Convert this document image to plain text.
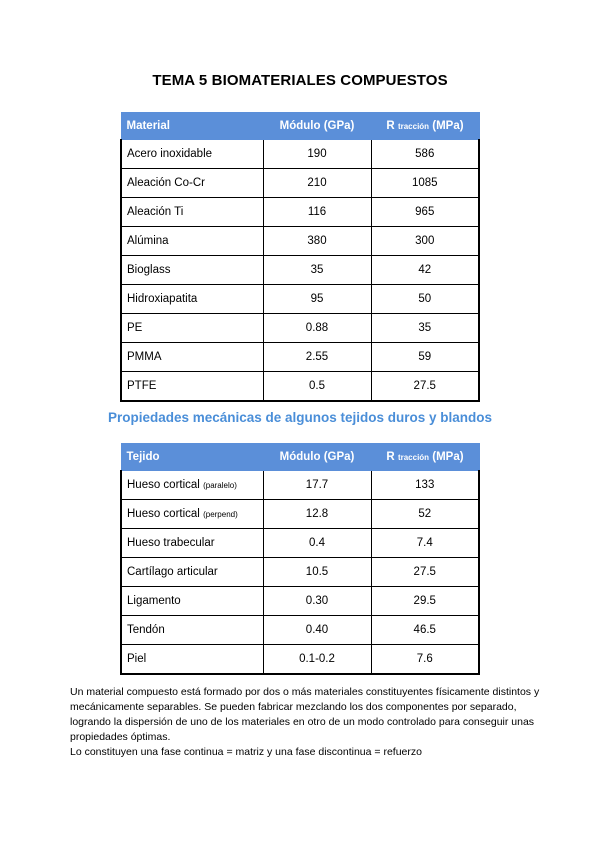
TEMA 5 BIOMATERIALES COMPUESTOS
Material	Módulo (GPa)	R tracción (MPa)
Acero inoxidable	190	586
Aleación Co-Cr	210	1085
Aleación Ti	116	965
Alúmina	380	300
Bioglass	35	42
Hidroxiapatita	95	50
PE	0.88	35
PMMA	2.55	59
PTFE	0.5	27.5
Propiedades mecánicas de algunos tejidos duros y blandos
Tejido	Módulo (GPa)	R tracción (MPa)
Hueso cortical (paralelo)	17.7	133
Hueso cortical (perpend)	12.8	52
Hueso trabecular	0.4	7.4
Cartílago articular	10.5	27.5
Ligamento	0.30	29.5
Tendón	0.40	46.5
Piel	0.1-0.2	7.6

Un material compuesto está formado por dos o más materiales constituyentes físicamente distintos y mecánicamente separables. Se pueden fabricar mezclando los dos componentes por separado, logrando la dispersión de uno de los materiales en otro de un modo controlado para conseguir unas propiedades óptimas.

Lo constituyen una fase continua = matriz y una fase discontinua = refuerzo
